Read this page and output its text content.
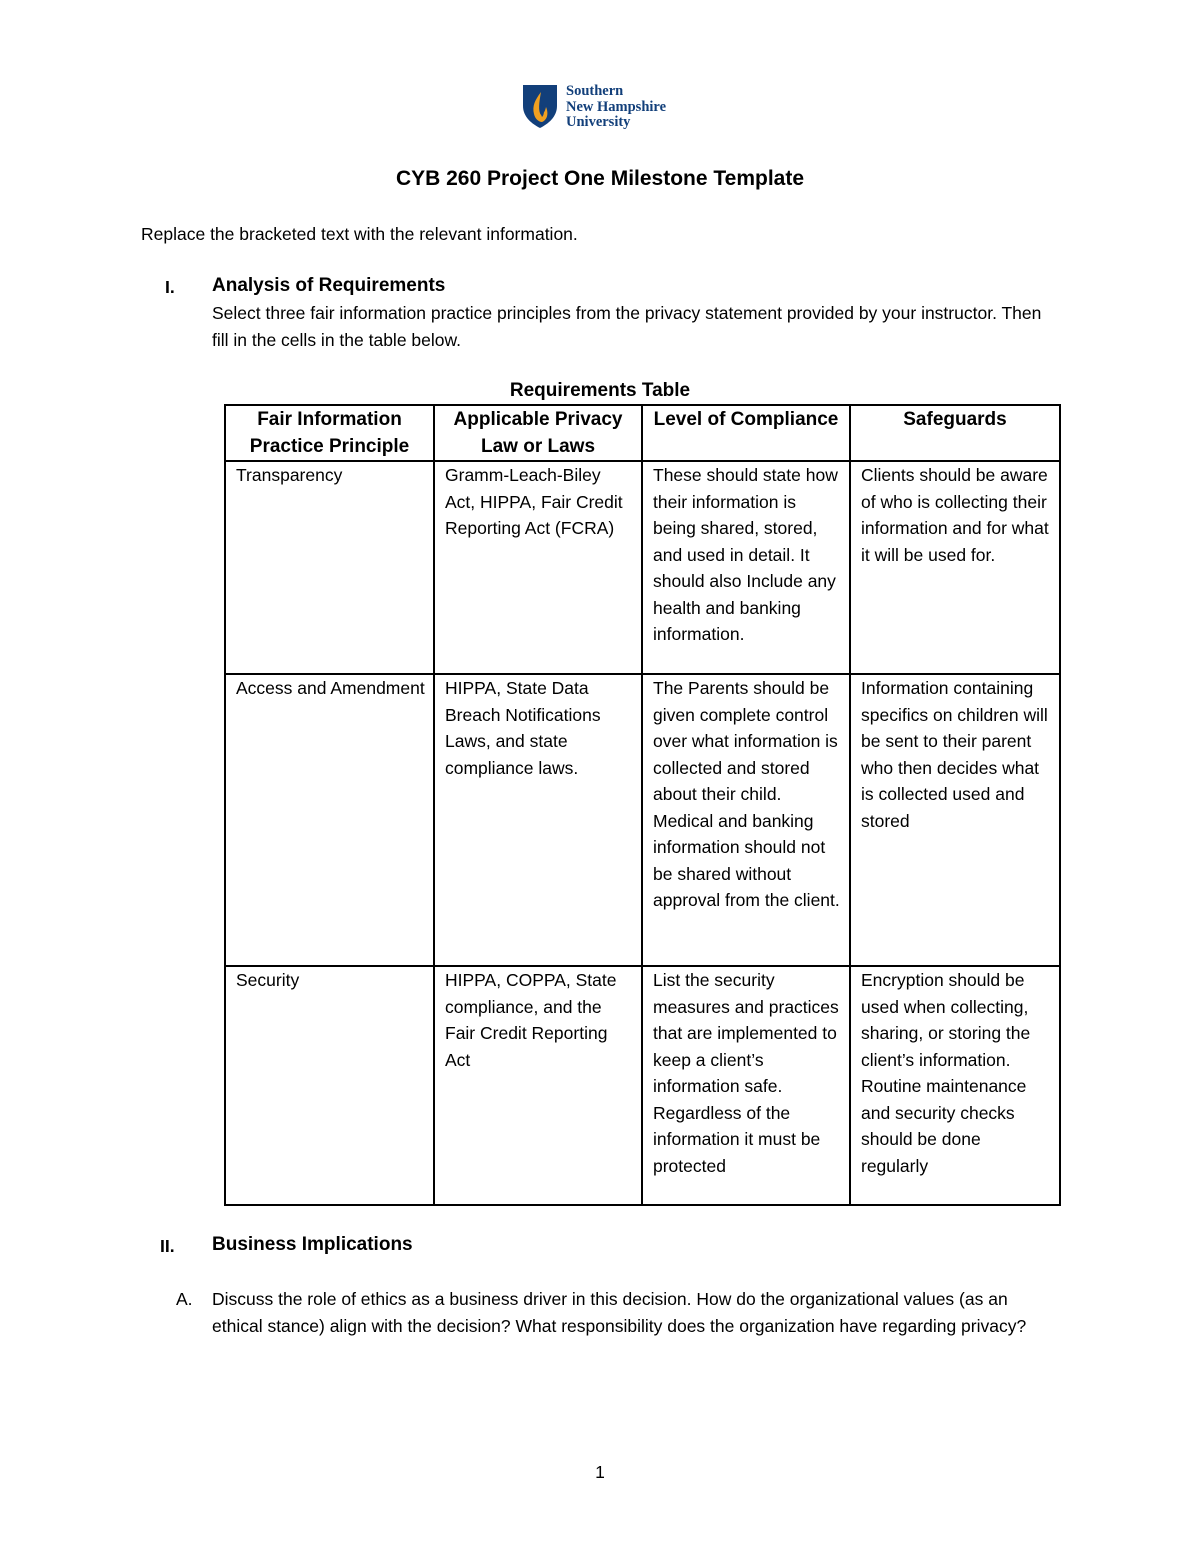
Southern
New Hampshire
University
CYB 260 Project One Milestone Template
Replace the bracketed text with the relevant information.
I. Analysis of Requirements
Select three fair information practice principles from the privacy statement provided by your instructor. Then fill in the cells in the table below.
Requirements Table
Fair Information Practice Principle	Applicable Privacy Law or Laws	Level of Compliance	Safeguards
Transparency	Gramm-Leach-Biley Act, HIPPA, Fair Credit Reporting Act (FCRA)	These should state how their information is being shared, stored, and used in detail. It should also Include any health and banking information.	Clients should be aware of who is collecting their information and for what it will be used for.
Access and Amendment	HIPPA, State Data Breach Notifications Laws, and state compliance laws.	The Parents should be given complete control over what information is collected and stored about their child. Medical and banking information should not be shared without approval from the client.	Information containing specifics on children will be sent to their parent who then decides what is collected used and stored
Security	HIPPA, COPPA, State compliance, and the Fair Credit Reporting Act	List the security measures and practices that are implemented to keep a client’s information safe. Regardless of the information it must be protected	Encryption should be used when collecting, sharing, or storing the client’s information. Routine maintenance and security checks should be done regularly
II. Business Implications
A. Discuss the role of ethics as a business driver in this decision. How do the organizational values (as an ethical stance) align with the decision? What responsibility does the organization have regarding privacy?
1
